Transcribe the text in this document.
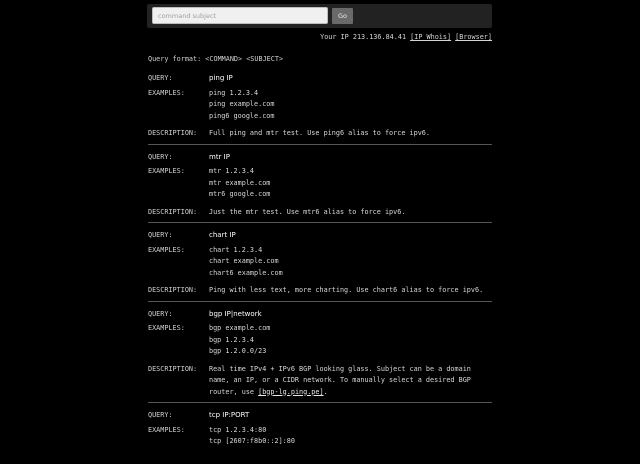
command subject
Go
Your IP 213.136.84.41 [IP Whois] [Browser]
Query format: <COMMAND> <SUBJECT>
QUERY:	ping IP
EXAMPLES:	ping 1.2.3.4
ping example.com
ping6 google.com
DESCRIPTION:	Full ping and mtr test. Use ping6 alias to force ipv6.
QUERY:	mtr IP
EXAMPLES:	mtr 1.2.3.4
mtr example.com
mtr6 google.com
DESCRIPTION:	Just the mtr test. Use mtr6 alias to force ipv6.
QUERY:	chart IP
EXAMPLES:	chart 1.2.3.4
chart example.com
chart6 example.com
DESCRIPTION:	Ping with less text, more charting. Use chart6 alias to force ipv6.
QUERY:	bgp IP|network
EXAMPLES:	bgp example.com
bgp 1.2.3.4
bgp 1.2.0.0/23
DESCRIPTION:	Real time IPv4 + IPv6 BGP looking glass. Subject can be a domain name, an IP, or a CIDR network. To manually select a desired BGP router, use [bgp-lg.ping.pe].
QUERY:	tcp IP:PORT
EXAMPLES:	tcp 1.2.3.4:80
tcp [2607:f8b0::2]:80
